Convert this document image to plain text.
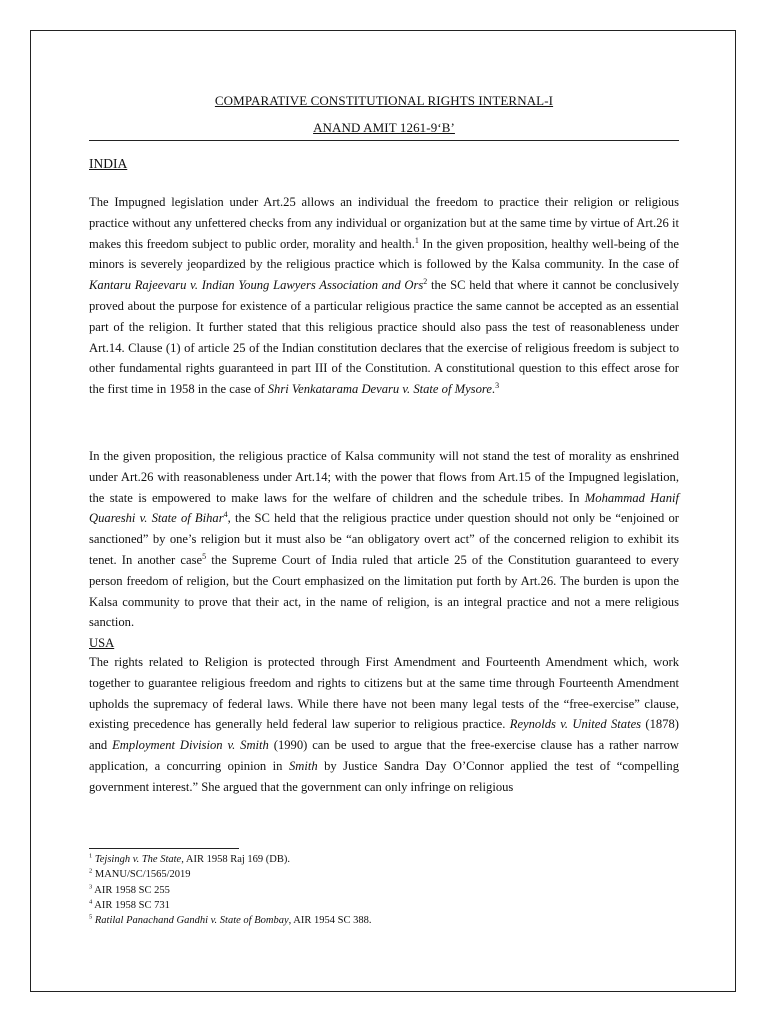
COMPARATIVE CONSTITUTIONAL RIGHTS INTERNAL-I

ANAND AMIT 1261-9‘B’

INDIA

The Impugned legislation under Art.25 allows an individual the freedom to practice their religion or religious practice without any unfettered checks from any individual or organization but at the same time by virtue of Art.26 it makes this freedom subject to public order, morality and health.$^1$ In the given proposition, healthy well-being of the minors is severely jeopardized by the religious practice which is followed by the Kalsa community. In the case of Kantaru Rajeevaru v. Indian Young Lawyers Association and Ors$^2$ the SC held that where it cannot be conclusively proved about the purpose for existence of a particular religious practice the same cannot be accepted as an essential part of the religion. It further stated that this religious practice should also pass the test of reasonableness under Art.14. Clause (1) of article 25 of the Indian constitution declares that the exercise of religious freedom is subject to other fundamental rights guaranteed in part III of the Constitution. A constitutional question to this effect arose for the first time in 1958 in the case of Shri Venkatarama Devaru v. State of Mysore.$^3$

In the given proposition, the religious practice of Kalsa community will not stand the test of morality as enshrined under Art.26 with reasonableness under Art.14; with the power that flows from Art.15 of the Impugned legislation, the state is empowered to make laws for the welfare of children and the schedule tribes. In Mohammad Hanif Quareshi v. State of Bihar$^4$, the SC held that the religious practice under question should not only be “enjoined or sanctioned” by one’s religion but it must also be “an obligatory overt act” of the concerned religion to exhibit its tenet. In another case$^5$ the Supreme Court of India ruled that article 25 of the Constitution guaranteed to every person freedom of religion, but the Court emphasized on the limitation put forth by Art.26. The burden is upon the Kalsa community to prove that their act, in the name of religion, is an integral practice and not a mere religious sanction.

USA

The rights related to Religion is protected through First Amendment and Fourteenth Amendment which, work together to guarantee religious freedom and rights to citizens but at the same time through Fourteenth Amendment upholds the supremacy of federal laws. While there have not been many legal tests of the “free-exercise” clause, existing precedence has generally held federal law superior to religious practice. Reynolds v. United States (1878) and Employment Division v. Smith (1990) can be used to argue that the free-exercise clause has a rather narrow application, a concurring opinion in Smith by Justice Sandra Day O’Connor applied the test of “compelling government interest.” She argued that the government can only infringe on religious

$^1$ Tejsingh v. The State, AIR 1958 Raj 169 (DB).
$^2$ MANU/SC/1565/2019
$^3$ AIR 1958 SC 255
$^4$ AIR 1958 SC 731
$^5$ Ratilal Panachand Gandhi v. State of Bombay, AIR 1954 SC 388.
